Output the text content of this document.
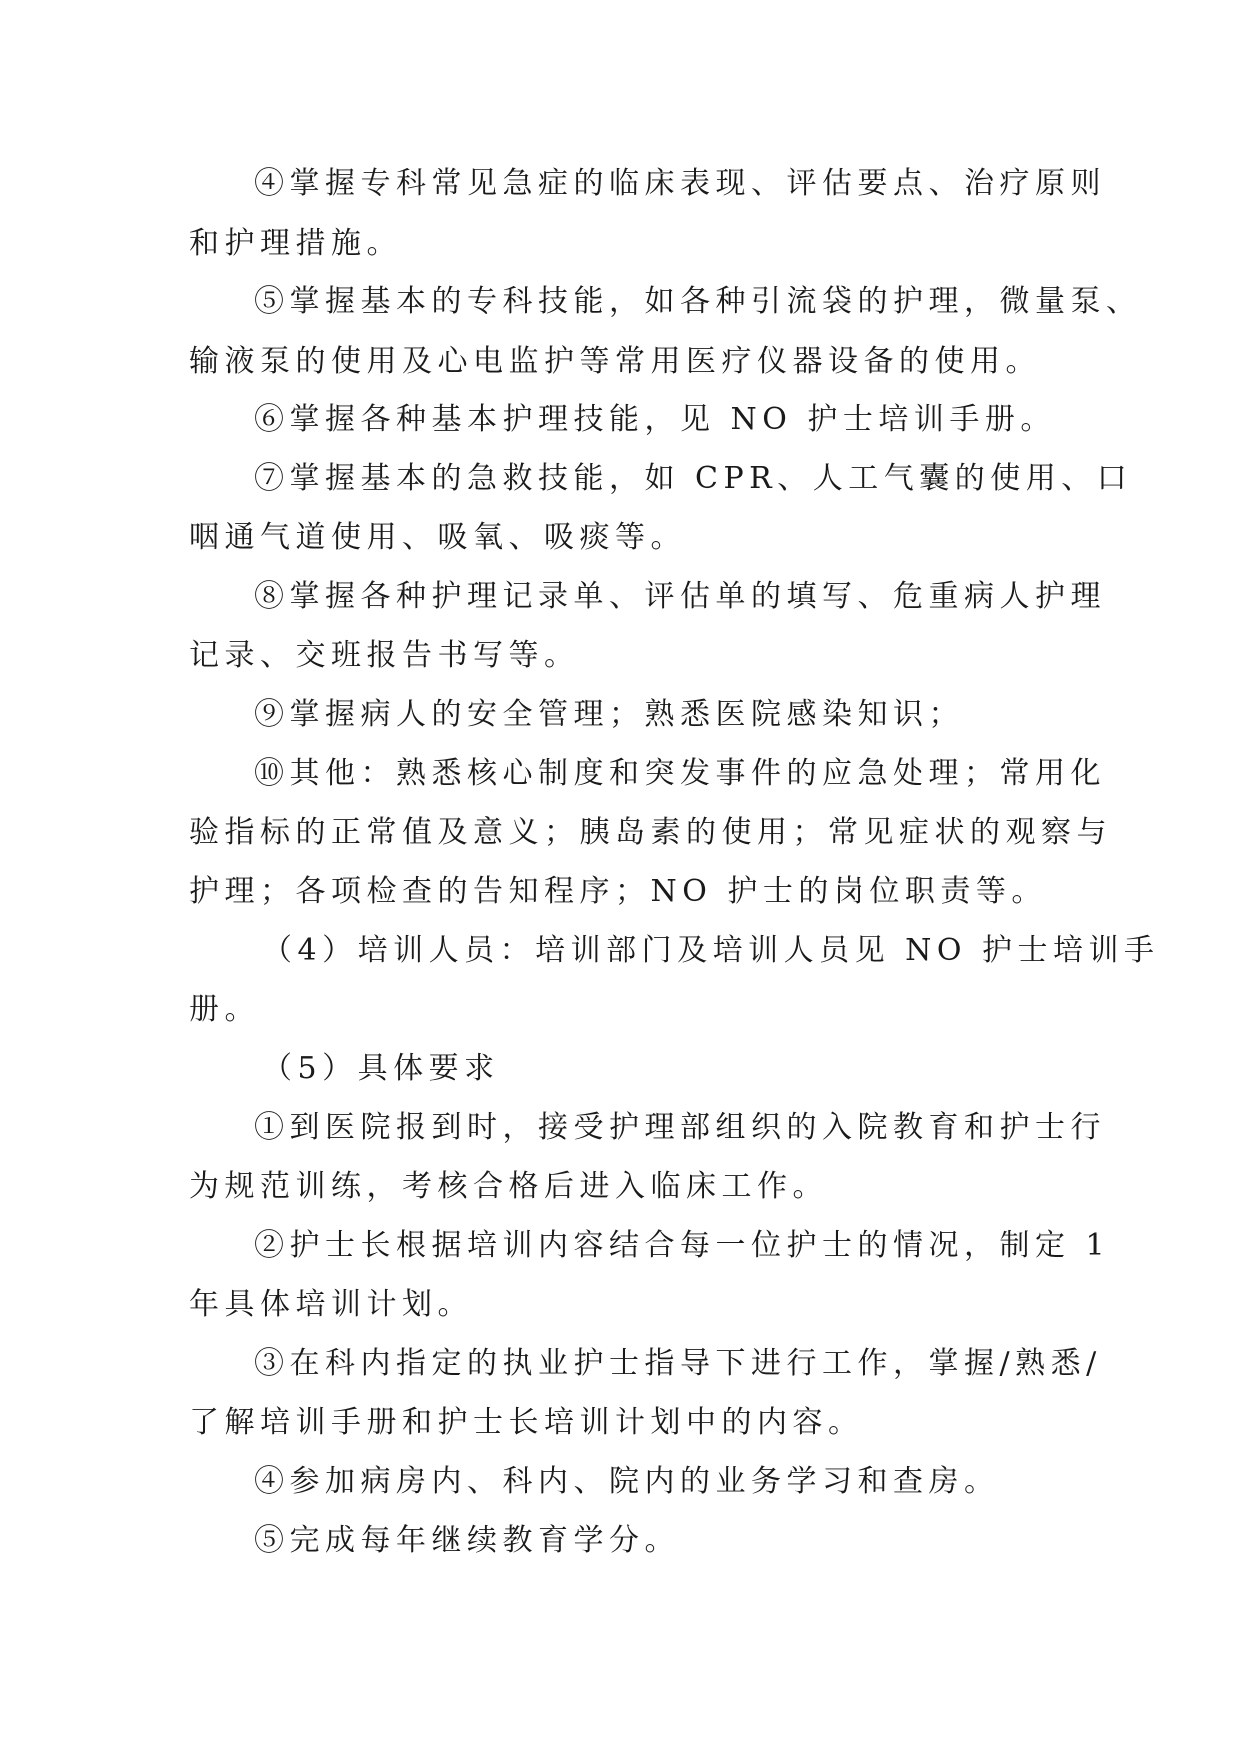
④掌握专科常见急症的临床表现、评估要点、治疗原则
和护理措施。
⑤掌握基本的专科技能，如各种引流袋的护理，微量泵、
输液泵的使用及心电监护等常用医疗仪器设备的使用。
⑥掌握各种基本护理技能，见 NO 护士培训手册。
⑦掌握基本的急救技能，如 CPR、人工气囊的使用、口
咽通气道使用、吸氧、吸痰等。
⑧掌握各种护理记录单、评估单的填写、危重病人护理
记录、交班报告书写等。
⑨掌握病人的安全管理；熟悉医院感染知识；
⑩其他：熟悉核心制度和突发事件的应急处理；常用化
验指标的正常值及意义；胰岛素的使用；常见症状的观察与
护理；各项检查的告知程序；NO 护士的岗位职责等。
（4）培训人员：培训部门及培训人员见 NO 护士培训手
册。
（5）具体要求
①到医院报到时，接受护理部组织的入院教育和护士行
为规范训练，考核合格后进入临床工作。
②护士长根据培训内容结合每一位护士的情况，制定 1
年具体培训计划。
③在科内指定的执业护士指导下进行工作，掌握/熟悉/
了解培训手册和护士长培训计划中的内容。
④参加病房内、科内、院内的业务学习和查房。
⑤完成每年继续教育学分。
